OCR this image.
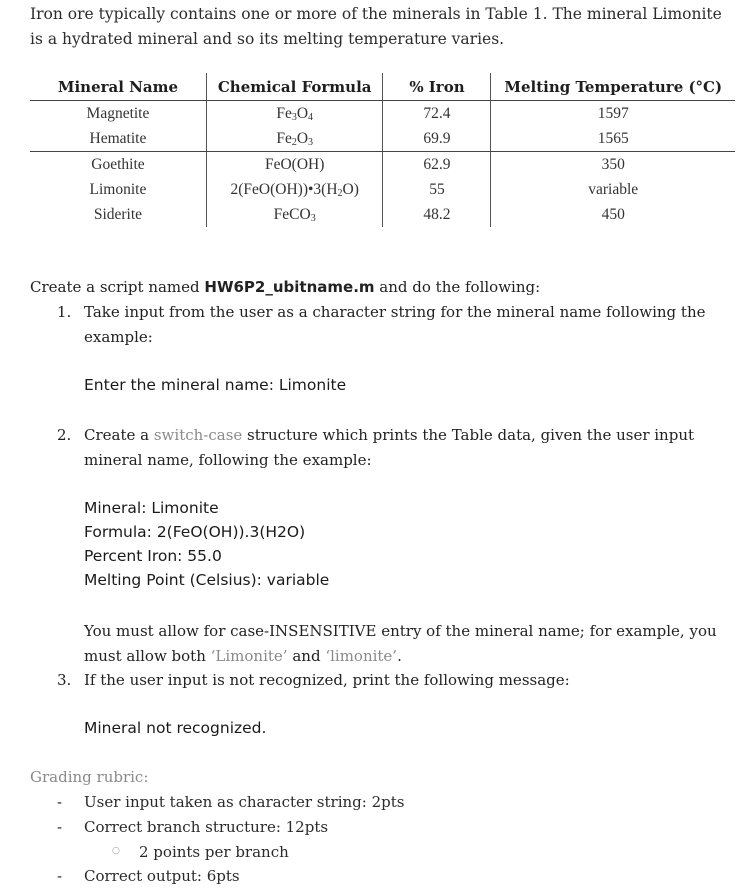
Iron ore typically contains one or more of the minerals in Table 1. The mineral Limonite is a hydrated mineral and so its melting temperature varies.
Mineral Name	Chemical Formula	% Iron	Melting Temperature (°C)
Magnetite	$Fe_3O_4$	72.4	1597
Hematite	$Fe_2O_3$	69.9	1565
Goethite	FeO(OH)	62.9	350
Limonite	$2(FeO(OH))•3(H_2O)$	55	variable
Siderite	FeCO$_3$	48.2	450
Create a script named HW6P2_ubitname.m and do the following:
1. Take input from the user as a character string for the mineral name following the example:
Enter the mineral name: Limonite
2. Create a switch-case structure which prints the Table data, given the user input mineral name, following the example:
Mineral: Limonite
Formula: 2(FeO(OH)).3(H2O)
Percent Iron: 55.0
Melting Point (Celsius): variable
You must allow for case-INSENSITIVE entry of the mineral name; for example, you must allow both ‘Limonite’ and ‘limonite’.
3. If the user input is not recognized, print the following message:
Mineral not recognized.
Grading rubric:
- User input taken as character string: 2pts
- Correct branch structure: 12pts
○ 2 points per branch
- Correct output: 6pts
